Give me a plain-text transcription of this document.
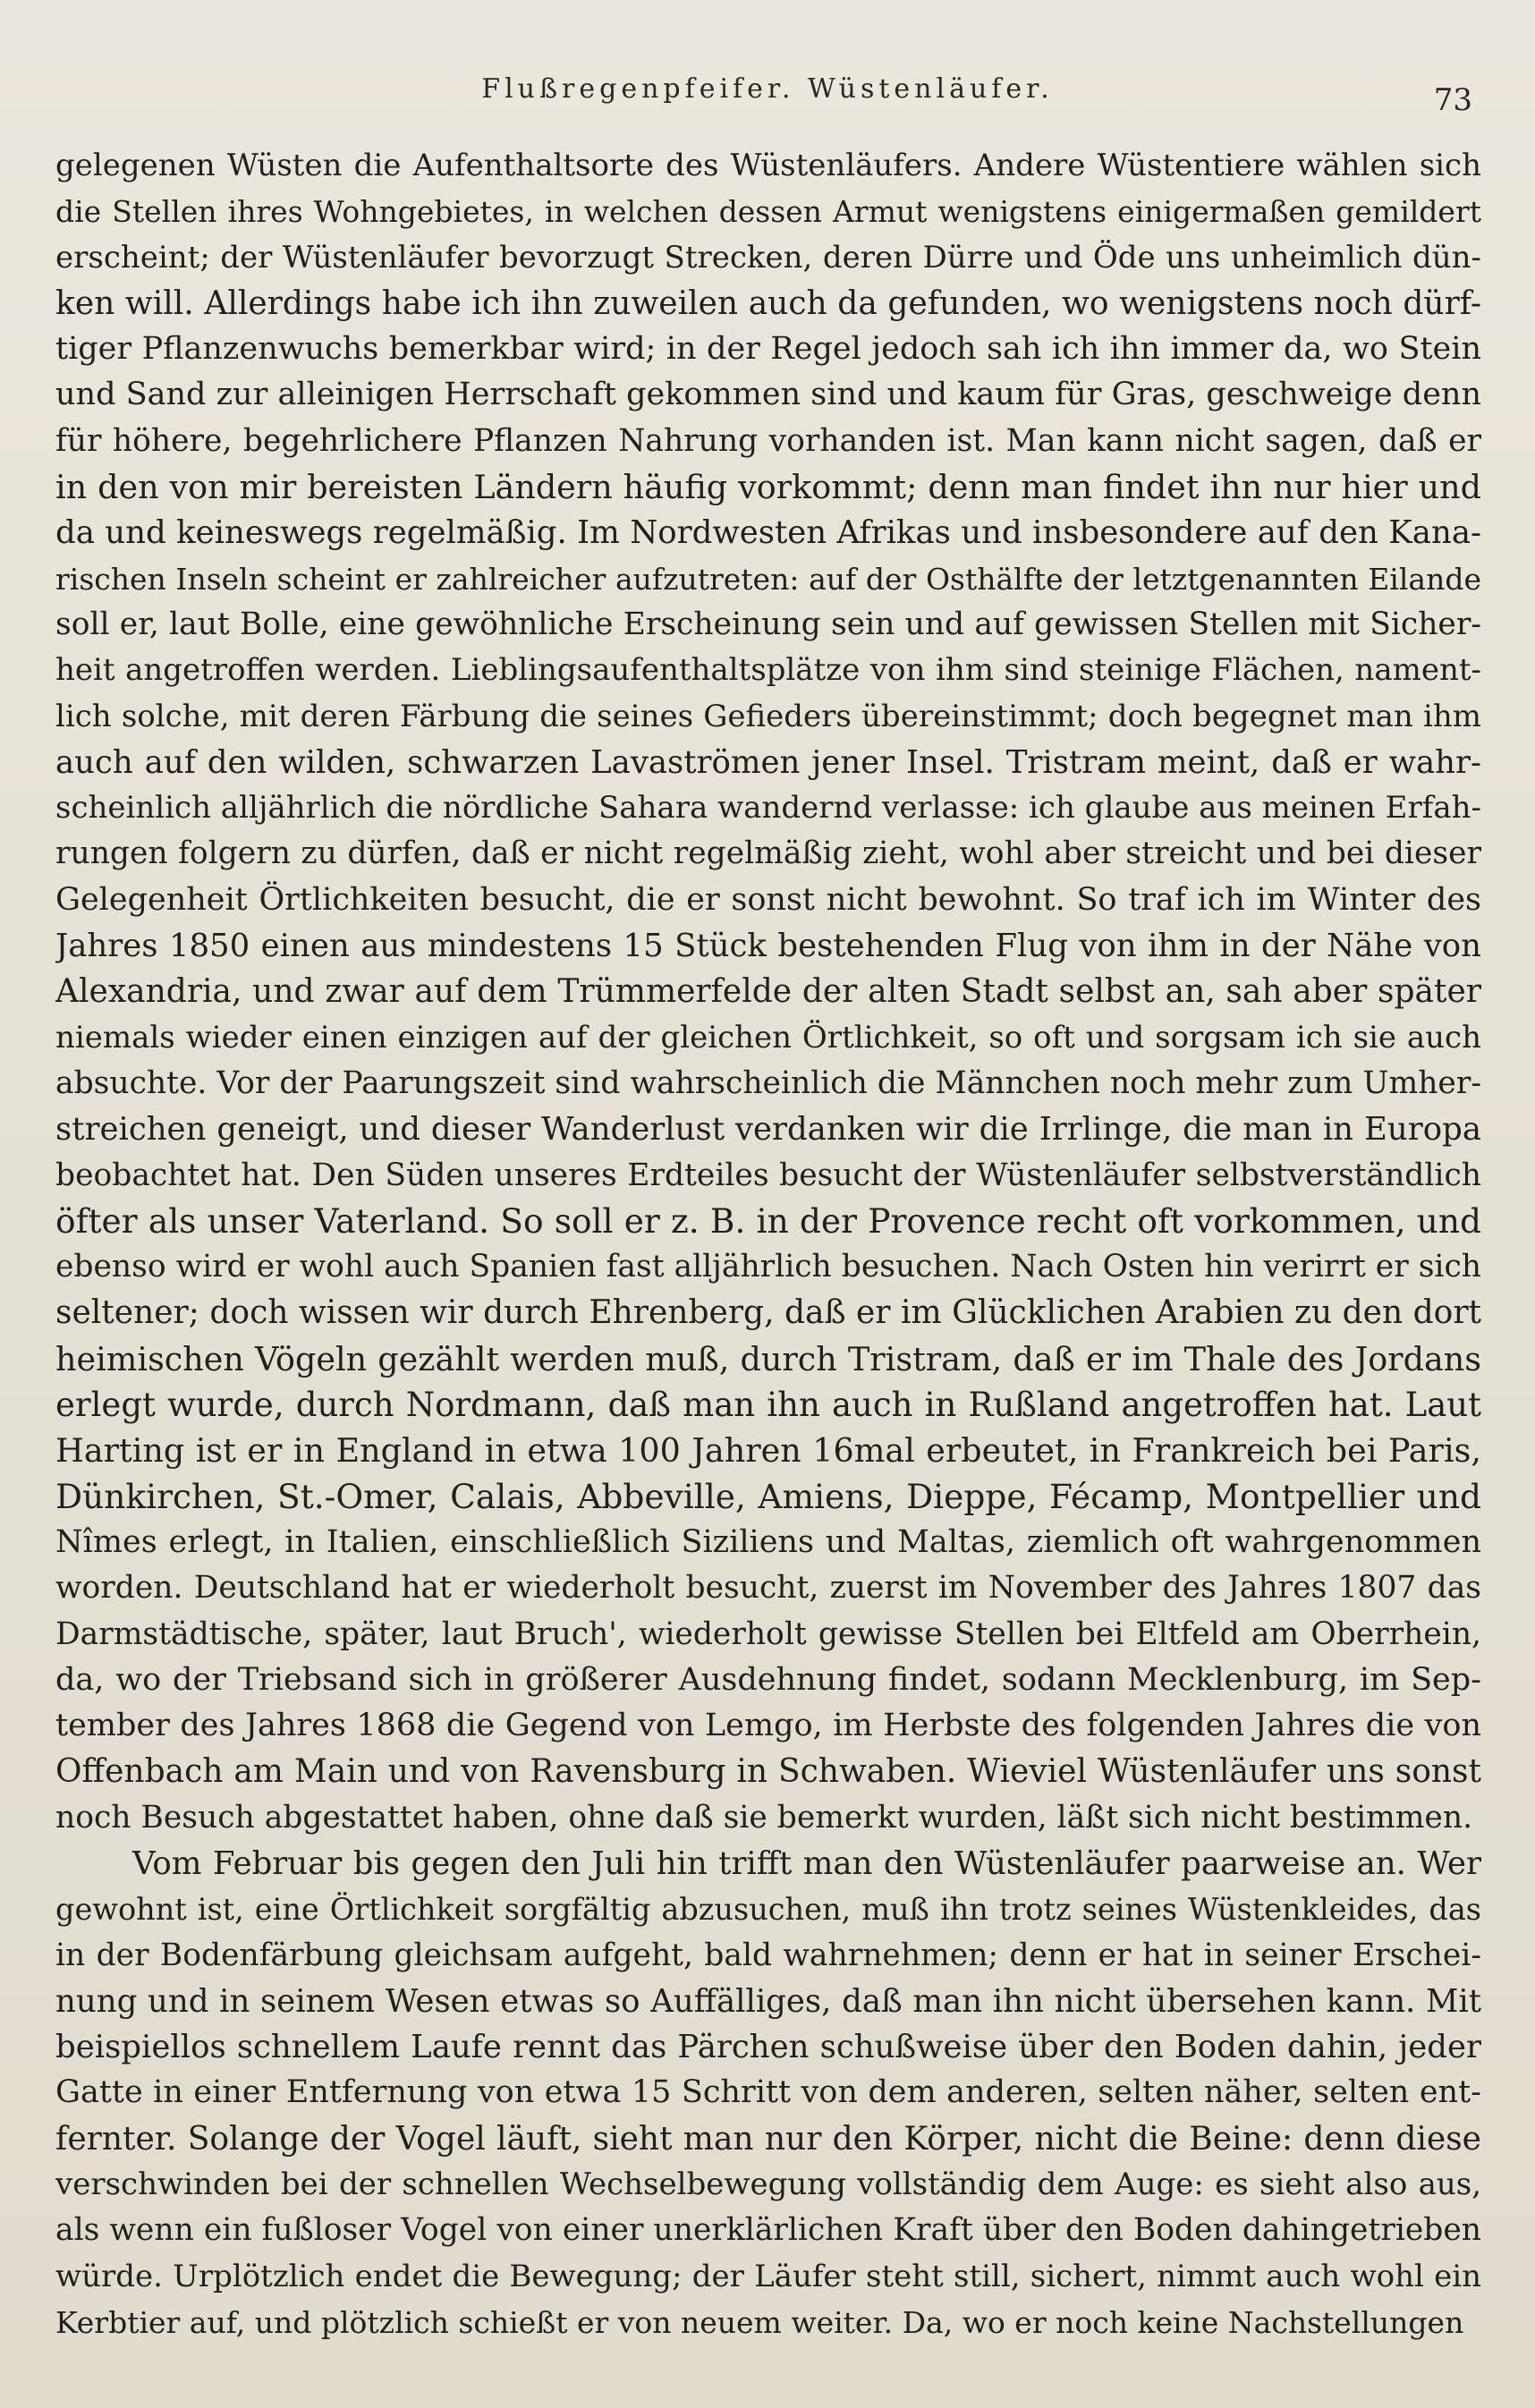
Flußregenpfeifer. Wüstenläufer.	73
gelegenen Wüsten die Aufenthaltsorte des Wüstenläufers. Andere Wüstentiere wählen sich
die Stellen ihres Wohngebietes, in welchen dessen Armut wenigstens einigermaßen gemildert
erscheint; der Wüstenläufer bevorzugt Strecken, deren Dürre und Öde uns unheimlich dün-
ken will. Allerdings habe ich ihn zuweilen auch da gefunden, wo wenigstens noch dürf-
tiger Pflanzenwuchs bemerkbar wird; in der Regel jedoch sah ich ihn immer da, wo Stein
und Sand zur alleinigen Herrschaft gekommen sind und kaum für Gras, geschweige denn
für höhere, begehrlichere Pflanzen Nahrung vorhanden ist. Man kann nicht sagen, daß er
in den von mir bereisten Ländern häufig vorkommt; denn man findet ihn nur hier und
da und keineswegs regelmäßig. Im Nordwesten Afrikas und insbesondere auf den Kana-
rischen Inseln scheint er zahlreicher aufzutreten: auf der Osthälfte der letztgenannten Eilande
soll er, laut Bolle, eine gewöhnliche Erscheinung sein und auf gewissen Stellen mit Sicher-
heit angetroffen werden. Lieblingsaufenthaltsplätze von ihm sind steinige Flächen, nament-
lich solche, mit deren Färbung die seines Gefieders übereinstimmt; doch begegnet man ihm
auch auf den wilden, schwarzen Lavaströmen jener Insel. Tristram meint, daß er wahr-
scheinlich alljährlich die nördliche Sahara wandernd verlasse: ich glaube aus meinen Erfah-
rungen folgern zu dürfen, daß er nicht regelmäßig zieht, wohl aber streicht und bei dieser
Gelegenheit Örtlichkeiten besucht, die er sonst nicht bewohnt. So traf ich im Winter des
Jahres 1850 einen aus mindestens 15 Stück bestehenden Flug von ihm in der Nähe von
Alexandria, und zwar auf dem Trümmerfelde der alten Stadt selbst an, sah aber später
niemals wieder einen einzigen auf der gleichen Örtlichkeit, so oft und sorgsam ich sie auch
absuchte. Vor der Paarungszeit sind wahrscheinlich die Männchen noch mehr zum Umher-
streichen geneigt, und dieser Wanderlust verdanken wir die Irrlinge, die man in Europa
beobachtet hat. Den Süden unseres Erdteiles besucht der Wüstenläufer selbstverständlich
öfter als unser Vaterland. So soll er z. B. in der Provence recht oft vorkommen, und
ebenso wird er wohl auch Spanien fast alljährlich besuchen. Nach Osten hin verirrt er sich
seltener; doch wissen wir durch Ehrenberg, daß er im Glücklichen Arabien zu den dort
heimischen Vögeln gezählt werden muß, durch Tristram, daß er im Thale des Jordans
erlegt wurde, durch Nordmann, daß man ihn auch in Rußland angetroffen hat. Laut
Harting ist er in England in etwa 100 Jahren 16mal erbeutet, in Frankreich bei Paris,
Dünkirchen, St.-Omer, Calais, Abbeville, Amiens, Dieppe, Fécamp, Montpellier und
Nîmes erlegt, in Italien, einschließlich Siziliens und Maltas, ziemlich oft wahrgenommen
worden. Deutschland hat er wiederholt besucht, zuerst im November des Jahres 1807 das
Darmstädtische, später, laut Bruch', wiederholt gewisse Stellen bei Eltfeld am Oberrhein,
da, wo der Triebsand sich in größerer Ausdehnung findet, sodann Mecklenburg, im Sep-
tember des Jahres 1868 die Gegend von Lemgo, im Herbste des folgenden Jahres die von
Offenbach am Main und von Ravensburg in Schwaben. Wieviel Wüstenläufer uns sonst
noch Besuch abgestattet haben, ohne daß sie bemerkt wurden, läßt sich nicht bestimmen.
Vom Februar bis gegen den Juli hin trifft man den Wüstenläufer paarweise an. Wer
gewohnt ist, eine Örtlichkeit sorgfältig abzusuchen, muß ihn trotz seines Wüstenkleides, das
in der Bodenfärbung gleichsam aufgeht, bald wahrnehmen; denn er hat in seiner Erschei-
nung und in seinem Wesen etwas so Auffälliges, daß man ihn nicht übersehen kann. Mit
beispiellos schnellem Laufe rennt das Pärchen schußweise über den Boden dahin, jeder
Gatte in einer Entfernung von etwa 15 Schritt von dem anderen, selten näher, selten ent-
fernter. Solange der Vogel läuft, sieht man nur den Körper, nicht die Beine: denn diese
verschwinden bei der schnellen Wechselbewegung vollständig dem Auge: es sieht also aus,
als wenn ein fußloser Vogel von einer unerklärlichen Kraft über den Boden dahingetrieben
würde. Urplötzlich endet die Bewegung; der Läufer steht still, sichert, nimmt auch wohl ein
Kerbtier auf, und plötzlich schießt er von neuem weiter. Da, wo er noch keine Nachstellungen
